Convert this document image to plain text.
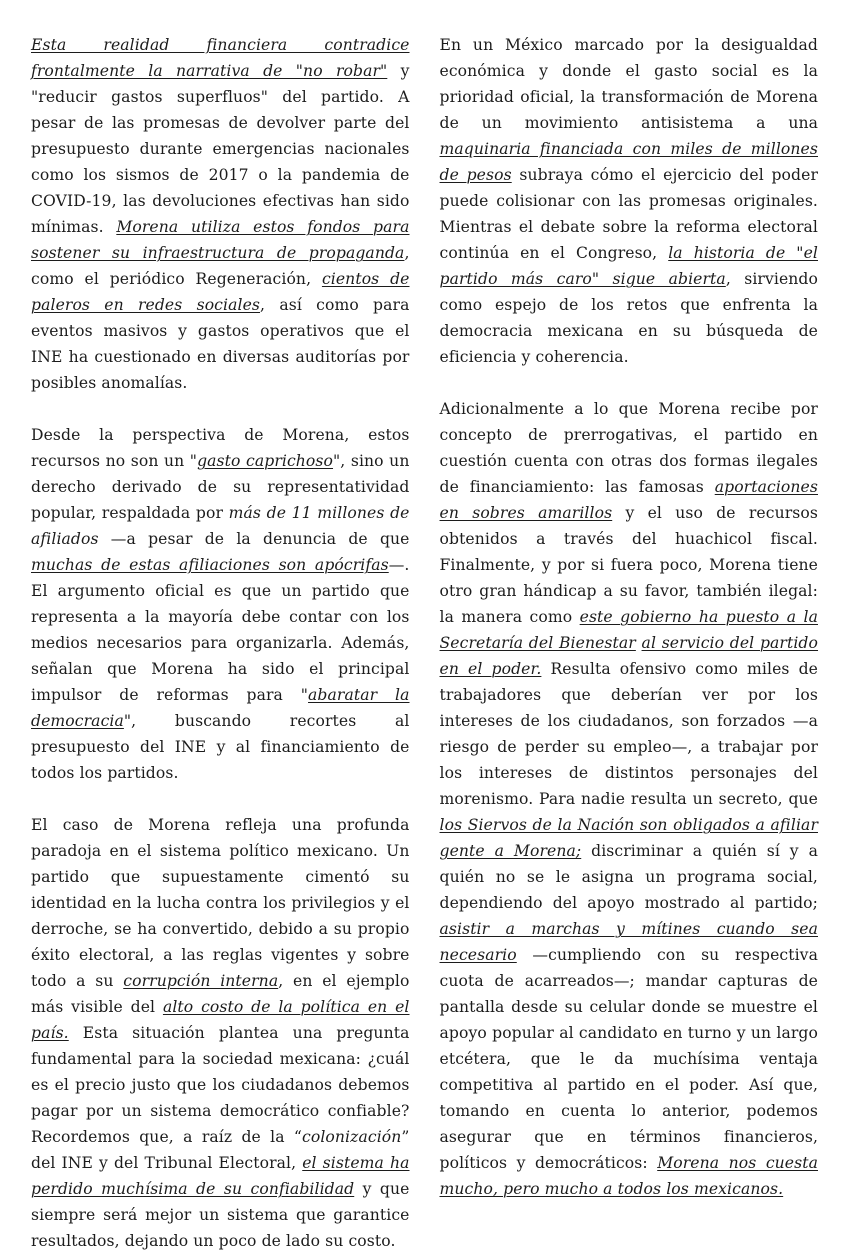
Esta realidad financiera contradice frontalmente la narrativa de "no robar" y "reducir gastos superfluos" del partido. A pesar de las promesas de devolver parte del presupuesto durante emergencias nacionales como los sismos de 2017 o la pandemia de COVID-19, las devoluciones efectivas han sido mínimas. Morena utiliza estos fondos para sostener su infraestructura de propaganda, como el periódico Regeneración, cientos de paleros en redes sociales, así como para eventos masivos y gastos operativos que el INE ha cuestionado en diversas auditorías por posibles anomalías.

Desde la perspectiva de Morena, estos recursos no son un "gasto caprichoso", sino un derecho derivado de su representatividad popular, respaldada por más de 11 millones de afiliados —a pesar de la denuncia de que muchas de estas afiliaciones son apócrifas—. El argumento oficial es que un partido que representa a la mayoría debe contar con los medios necesarios para organizarla. Además, señalan que Morena ha sido el principal impulsor de reformas para "abaratar la democracia", buscando recortes al presupuesto del INE y al financiamiento de todos los partidos.

El caso de Morena refleja una profunda paradoja en el sistema político mexicano. Un partido que supuestamente cimentó su identidad en la lucha contra los privilegios y el derroche, se ha convertido, debido a su propio éxito electoral, a las reglas vigentes y sobre todo a su corrupción interna, en el ejemplo más visible del alto costo de la política en el país. Esta situación plantea una pregunta fundamental para la sociedad mexicana: ¿cuál es el precio justo que los ciudadanos debemos pagar por un sistema democrático confiable? Recordemos que, a raíz de la “colonización” del INE y del Tribunal Electoral, el sistema ha perdido muchísima de su confiabilidad y que siempre será mejor un sistema que garantice resultados, dejando un poco de lado su costo.

En un México marcado por la desigualdad económica y donde el gasto social es la prioridad oficial, la transformación de Morena de un movimiento antisistema a una maquinaria financiada con miles de millones de pesos subraya cómo el ejercicio del poder puede colisionar con las promesas originales. Mientras el debate sobre la reforma electoral continúa en el Congreso, la historia de "el partido más caro" sigue abierta, sirviendo como espejo de los retos que enfrenta la democracia mexicana en su búsqueda de eficiencia y coherencia.

Adicionalmente a lo que Morena recibe por concepto de prerrogativas, el partido en cuestión cuenta con otras dos formas ilegales de financiamiento: las famosas aportaciones en sobres amarillos y el uso de recursos obtenidos a través del huachicol fiscal. Finalmente, y por si fuera poco, Morena tiene otro gran hándicap a su favor, también ilegal: la manera como este gobierno ha puesto a la Secretaría del Bienestar al servicio del partido en el poder. Resulta ofensivo como miles de trabajadores que deberían ver por los intereses de los ciudadanos, son forzados —a riesgo de perder su empleo—, a trabajar por los intereses de distintos personajes del morenismo. Para nadie resulta un secreto, que los Siervos de la Nación son obligados a afiliar gente a Morena; discriminar a quién sí y a quién no se le asigna un programa social, dependiendo del apoyo mostrado al partido; asistir a marchas y mítines cuando sea necesario —cumpliendo con su respectiva cuota de acarreados—; mandar capturas de pantalla desde su celular donde se muestre el apoyo popular al candidato en turno y un largo etcétera, que le da muchísima ventaja competitiva al partido en el poder. Así que, tomando en cuenta lo anterior, podemos asegurar que en términos financieros, políticos y democráticos: Morena nos cuesta mucho, pero mucho a todos los mexicanos.
